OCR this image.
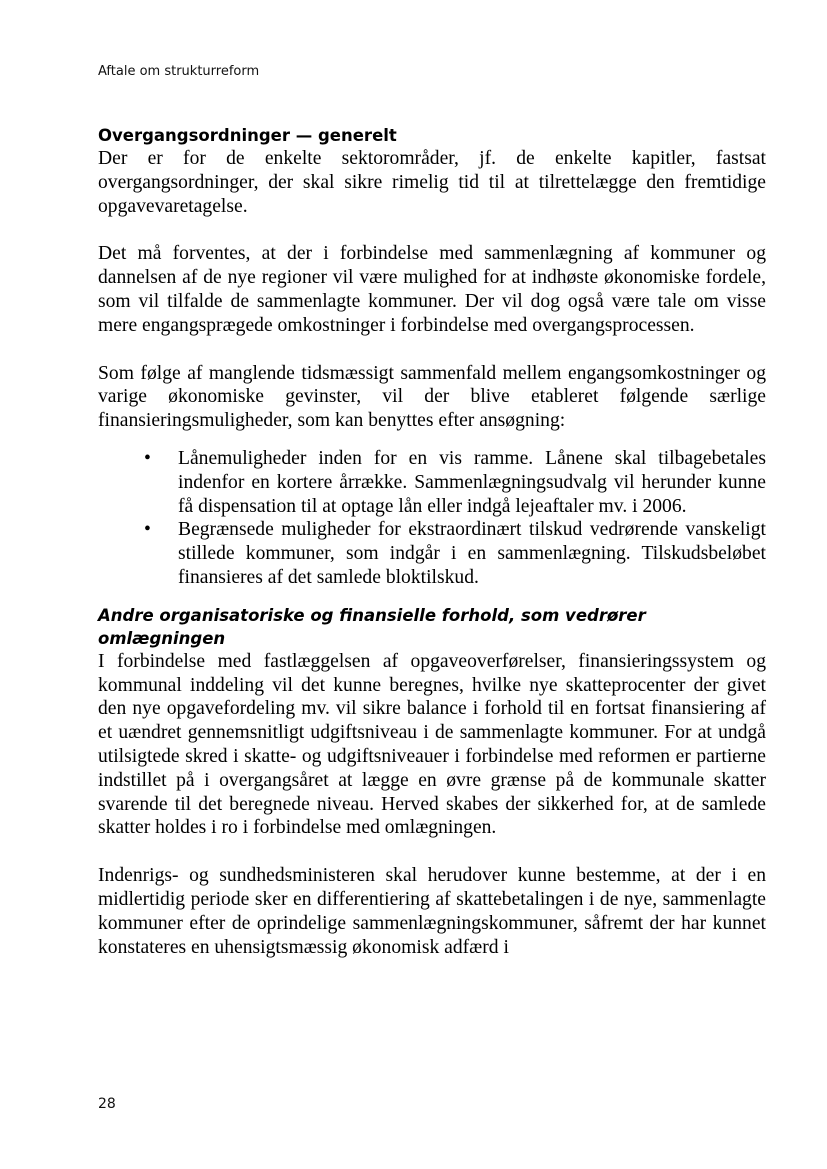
Aftale om strukturreform
Overgangsordninger — generelt

Der er for de enkelte sektorområder, jf. de enkelte kapitler, fastsat overgangsordninger, der skal sikre rimelig tid til at tilrettelægge den fremtidige opgavevaretagelse.

Det må forventes, at der i forbindelse med sammenlægning af kommuner og dannelsen af de nye regioner vil være mulighed for at indhøste økonomiske fordele, som vil tilfalde de sammenlagte kommuner. Der vil dog også være tale om visse mere engangsprægede omkostninger i forbindelse med overgangsprocessen.

Som følge af manglende tidsmæssigt sammenfald mellem engangsomkostninger og varige økonomiske gevinster, vil der blive etableret følgende særlige finansieringsmuligheder, som kan benyttes efter ansøgning:

• Lånemuligheder inden for en vis ramme. Lånene skal tilbagebetales indenfor en kortere årrække. Sammenlægningsudvalg vil herunder kunne få dispensation til at optage lån eller indgå lejeaftaler mv. i 2006.
• Begrænsede muligheder for ekstraordinært tilskud vedrørende vanskeligt stillede kommuner, som indgår i en sammenlægning. Tilskudsbeløbet finansieres af det samlede bloktilskud.
Andre organisatoriske og finansielle forhold, som vedrører omlægningen

I forbindelse med fastlæggelsen af opgaveoverførelser, finansieringssystem og kommunal inddeling vil det kunne beregnes, hvilke nye skatteprocenter der givet den nye opgavefordeling mv. vil sikre balance i forhold til en fortsat finansiering af et uændret gennemsnitligt udgiftsniveau i de sammenlagte kommuner. For at undgå utilsigtede skred i skatte- og udgiftsniveauer i forbindelse med reformen er partierne indstillet på i overgangsåret at lægge en øvre grænse på de kommunale skatter svarende til det beregnede niveau. Herved skabes der sikkerhed for, at de samlede skatter holdes i ro i forbindelse med omlægningen.

Indenrigs- og sundhedsministeren skal herudover kunne bestemme, at der i en midlertidig periode sker en differentiering af skattebetalingen i de nye, sammenlagte kommuner efter de oprindelige sammenlægningskommuner, såfremt der har kunnet konstateres en uhensigtsmæssig økonomisk adfærd i

28
